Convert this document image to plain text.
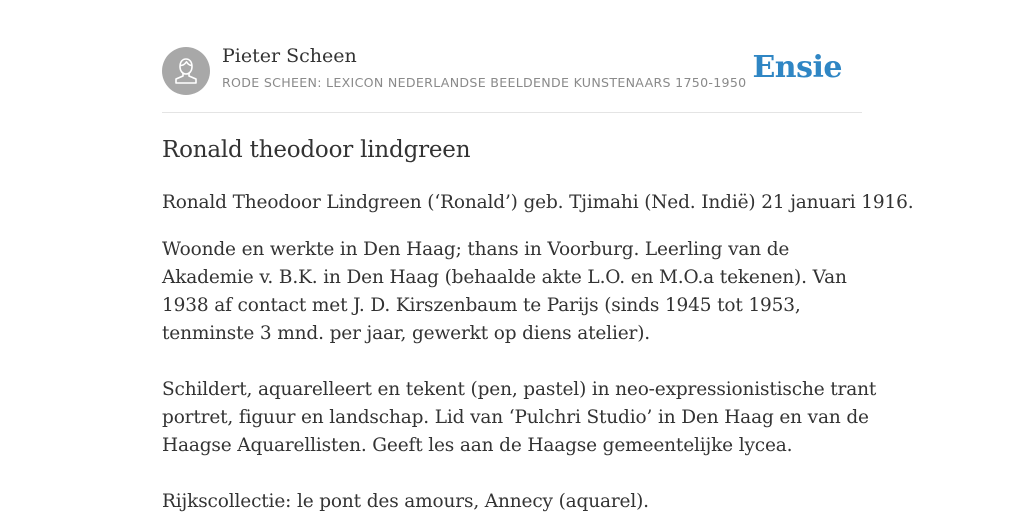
Pieter Scheen
RODE SCHEEN: LEXICON NEDERLANDSE BEELDENDE KUNSTENAARS 1750-1950 Ensie
Ronald theodoor lindgreen

Ronald Theodoor Lindgreen (‘Ronald’) geb. Tjimahi (Ned. Indië) 21 januari 1916.

Woonde en werkte in Den Haag; thans in Voorburg. Leerling van de Akademie v. B.K. in Den Haag (behaalde akte L.O. en M.O.a tekenen). Van 1938 af contact met J. D. Kirszenbaum te Parijs (sinds 1945 tot 1953, tenminste 3 mnd. per jaar, gewerkt op diens atelier).

Schildert, aquarelleert en tekent (pen, pastel) in neo-expressionistische trant portret, figuur en landschap. Lid van ‘Pulchri Studio’ in Den Haag en van de Haagse Aquarellisten. Geeft les aan de Haagse gemeentelijke lycea.

Rijkscollectie: le pont des amours, Annecy (aquarel).
